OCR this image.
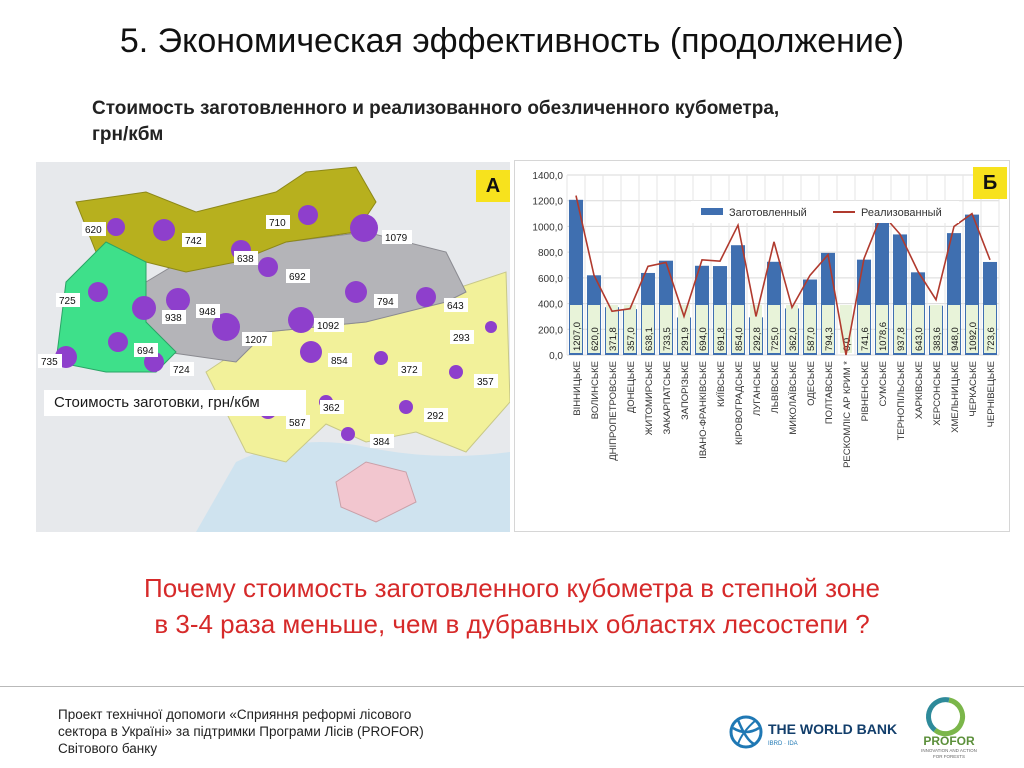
5. Экономическая эффективность (продолжение)
Стоимость заготовленного и реализованного обезличенного кубометра,
грн/кбм
620
742
638
710
1079
725
938
948
692
794	643
1207
1092
293
735
694
724
854
372
357
362
292
587
384
А
Стоимость заготовки, грн/кбм
0,0
200,0
400,0
600,0
800,0
1000,0
1200,0
1400,0
1207,0 620,0 371,8 357,0 638,1 733,5 291,9 694,0 691,8 854,0 292,8 725,0 362,0 587,0 794,3 0,0 741,6 1078,6 937,8 643,0 383,6 948,0 1092,0 723,6
Заготовленный	Реализованный
ВІННИЦЬКЕ ВОЛИНСЬКЕ ДНІПРОПЕТРОВСЬКЕ ДОНЕЦЬКЕ ЖИТОМИРСЬКЕ ЗАКАРПАТСЬКЕ ЗАПОРІЗЬКЕ ІВАНО-ФРАНКІВСЬКЕ КИЇВСЬКЕ КІРОВОГРАДСЬКЕ ЛУГАНСЬКЕ ЛЬВІВСЬКЕ МИКОЛАЇВСЬКЕ ОДЕСЬКЕ ПОЛТАВСЬКЕ РЕСКОМЛІС АР КРИМ * РІВНЕНСЬКЕ СУМСЬКЕ ТЕРНОПІЛЬСЬКЕ ХАРКІВСЬКЕ ХЕРСОНСЬКЕ ХМЕЛЬНИЦЬКЕ ЧЕРКАСЬКЕ ЧЕРНІВЕЦЬКЕ
Б
Почему стоимость заготовленного кубометра в степной зоне
в 3-4 раза меньше, чем в дубравных областях лесостепи ?
Проект технічної допомоги «Сприяння реформі лісового
сектора в Україні» за підтримки Програми Лісів (PROFOR)
Світового банку
THE WORLD BANK
IBRD · IDA	PROFOR
INNOVATION AND ACTION
FOR FORESTS
